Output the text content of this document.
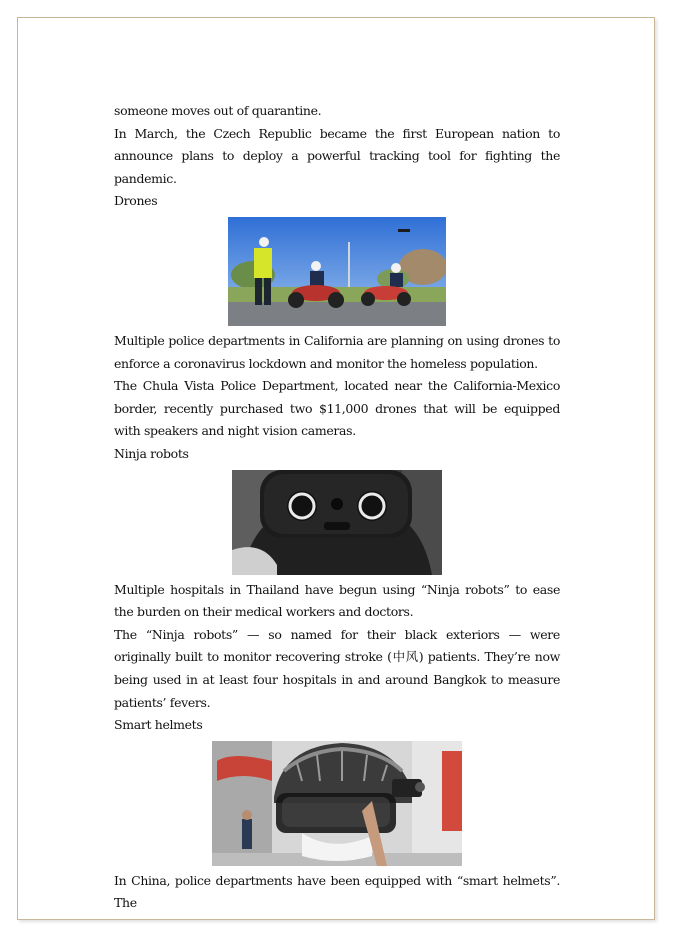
someone moves out of quarantine.

In March, the Czech Republic became the first European nation to announce plans to deploy a powerful tracking tool for fighting the pandemic.

Drones

Multiple police departments in California are planning on using drones to enforce a coronavirus lockdown and monitor the homeless population.

The Chula Vista Police Department, located near the California-Mexico border, recently purchased two $11,000 drones that will be equipped with speakers and night vision cameras.

Ninja robots

Multiple hospitals in Thailand have begun using “Ninja robots” to ease the burden on their medical workers and doctors.

The “Ninja robots” — so named for their black exteriors — were originally built to monitor recovering stroke (中风) patients. They’re now being used in at least four hospitals in and around Bangkok to measure patients’ fevers.

Smart helmets

In China, police departments have been equipped with “smart helmets”. The
